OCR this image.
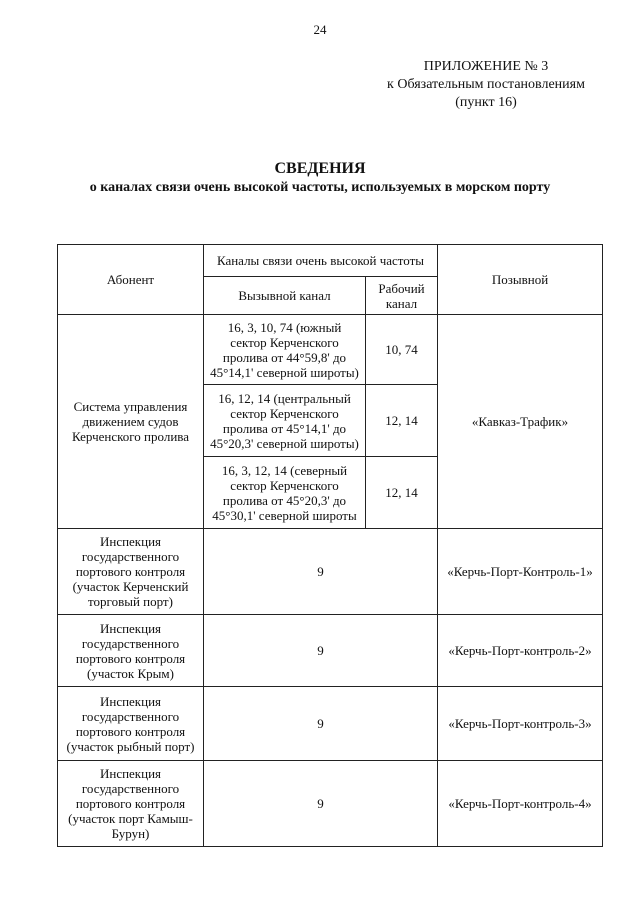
24
ПРИЛОЖЕНИЕ № 3
к Обязательным постановлениям
(пункт 16)
СВЕДЕНИЯ
о каналах связи очень высокой частоты, используемых в морском порту
Абонент	Каналы связи очень высокой частоты		Позывной
	Вызывной канал	Рабочий канал	
Система управления движением судов Керченского пролива	16, 3, 10, 74 (южный сектор Керченского пролива от 44°59,8' до 45°14,1' северной широты)	10, 74	«Кавказ-Трафик»
	16, 12, 14 (центральный сектор Керченского пролива от 45°14,1' до 45°20,3' северной широты)	12, 14	
	16, 3, 12, 14 (северный сектор Керченского пролива от 45°20,3' до 45°30,1' северной широты	12, 14	
Инспекция государственного портового контроля (участок Керченский торговый порт)	9		«Керчь-Порт-Контроль-1»
Инспекция государственного портового контроля (участок Крым)	9		«Керчь-Порт-контроль-2»
Инспекция государственного портового контроля (участок рыбный порт)	9		«Керчь-Порт-контроль-3»
Инспекция государственного портового контроля (участок порт Камыш-Бурун)	9		«Керчь-Порт-контроль-4»
